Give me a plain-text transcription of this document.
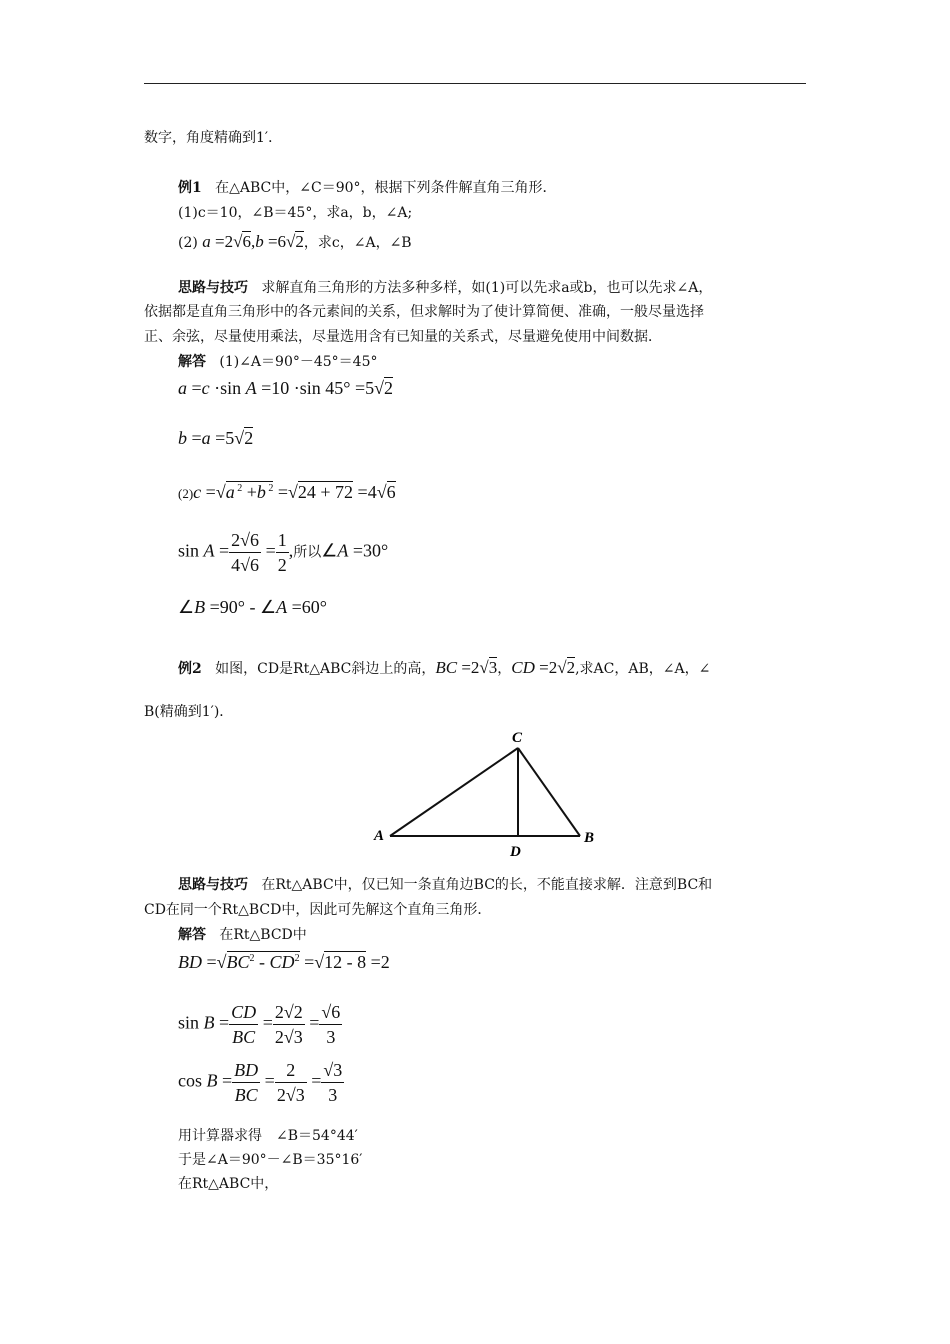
数字，角度精确到1′．
例1 在△ABC中，∠C＝90°，根据下列条件解直角三角形．
(1)c＝10，∠B＝45°，求a，b，∠A;
(2) a =2√6,b =6√2，求c，∠A，∠B
思路与技巧 求解直角三角形的方法多种多样，如(1)可以先求a或b，也可以先求∠A，
依据都是直角三角形中的各元素间的关系，但求解时为了使计算简便、准确，一般尽量选择
正、余弦，尽量使用乘法，尽量选用含有已知量的关系式，尽量避免使用中间数据．
解答 (1)∠A＝90°－45°＝45°
a =c ·sin A =10 ·sin 45° =5√2
b =a =5√2
(2)c =√a $^2$ +b $^2$ =√24 + 72 =4√6
$\sin A = \frac{2√6}{4√6} = \frac{1}{2}$ ,所以∠A =30°
∠B =90° - ∠A =60°
例2 如图，CD是Rt△ABC斜边上的高，BC =2√3，CD =2√2,求AC，AB，∠A，∠
B(精确到1′)．
A	B
C
D
思路与技巧 在Rt△ABC中，仅已知一条直角边BC的长，不能直接求解．注意到BC和
CD在同一个Rt△BCD中，因此可先解这个直角三角形．
解答 在Rt△BCD中
BD $=√BC^2 - CD^2 =√12 - 8 =2$
$\sin B = \frac{CD}{BC} = \frac{2√2}{2√3} = \frac{√6}{3}$
$\cos B = \frac{BD}{BC} = \frac{2}{2√3} = \frac{√3}{3}$
用计算器求得　∠B＝54°44′
于是∠A＝90°－∠B＝35°16′
在Rt△ABC中，
